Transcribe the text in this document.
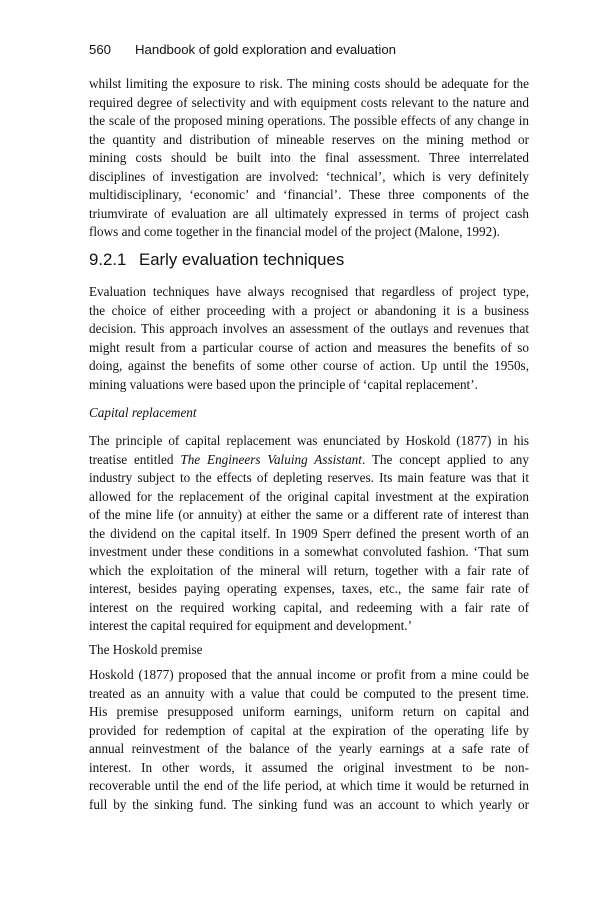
560 Handbook of gold exploration and evaluation

whilst limiting the exposure to risk. The mining costs should be adequate for the
required degree of selectivity and with equipment costs relevant to the nature and
the scale of the proposed mining operations. The possible effects of any change in
the quantity and distribution of mineable reserves on the mining method or
mining costs should be built into the final assessment. Three interrelated
disciplines of investigation are involved: ‘technical’, which is very definitely
multidisciplinary, ‘economic’ and ‘financial’. These three components of the
triumvirate of evaluation are all ultimately expressed in terms of project cash
flows and come together in the financial model of the project (Malone, 1992).

9.2.1 Early evaluation techniques

Evaluation techniques have always recognised that regardless of project type,
the choice of either proceeding with a project or abandoning it is a business
decision. This approach involves an assessment of the outlays and revenues that
might result from a particular course of action and measures the benefits of so
doing, against the benefits of some other course of action. Up until the 1950s,
mining valuations were based upon the principle of ‘capital replacement’.

Capital replacement

The principle of capital replacement was enunciated by Hoskold (1877) in his
treatise entitled The Engineers Valuing Assistant. The concept applied to any
industry subject to the effects of depleting reserves. Its main feature was that it
allowed for the replacement of the original capital investment at the expiration
of the mine life (or annuity) at either the same or a different rate of interest than
the dividend on the capital itself. In 1909 Sperr defined the present worth of an
investment under these conditions in a somewhat convoluted fashion. ‘That sum
which the exploitation of the mineral will return, together with a fair rate of
interest, besides paying operating expenses, taxes, etc., the same fair rate of
interest on the required working capital, and redeeming with a fair rate of
interest the capital required for equipment and development.’

The Hoskold premise

Hoskold (1877) proposed that the annual income or profit from a mine could be
treated as an annuity with a value that could be computed to the present time.
His premise presupposed uniform earnings, uniform return on capital and
provided for redemption of capital at the expiration of the operating life by
annual reinvestment of the balance of the yearly earnings at a safe rate of
interest. In other words, it assumed the original investment to be non-
recoverable until the end of the life period, at which time it would be returned in
full by the sinking fund. The sinking fund was an account to which yearly or
